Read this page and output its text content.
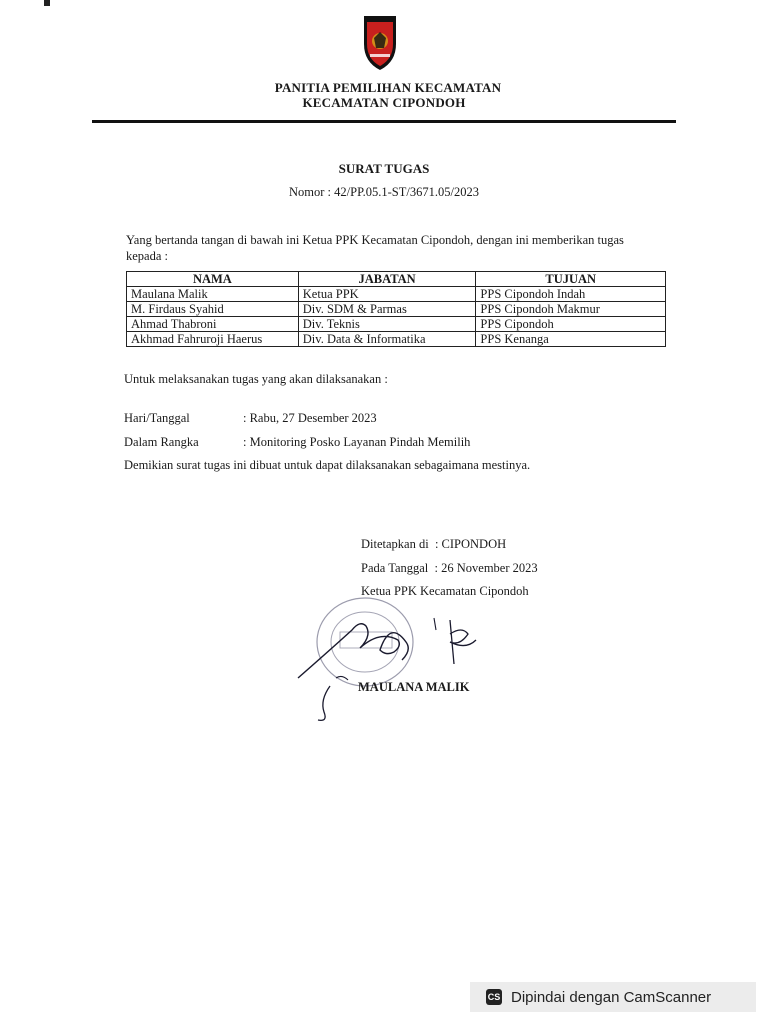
PANITIA PEMILIHAN KECAMATAN
KECAMATAN CIPONDOH
SURAT TUGAS
Nomor : 42/PP.05.1-ST/3671.05/2023
Yang bertanda tangan di bawah ini Ketua PPK Kecamatan Cipondoh, dengan ini memberikan tugas kepada :
NAMA	JABATAN	TUJUAN
Maulana Malik	Ketua PPK	PPS Cipondoh Indah
M. Firdaus Syahid	Div. SDM & Parmas	PPS Cipondoh Makmur
Ahmad Thabroni	Div. Teknis	PPS Cipondoh
Akhmad Fahruroji Haerus	Div. Data & Informatika	PPS Kenanga
Untuk melaksanakan tugas yang akan dilaksanakan :
Hari/Tanggal	: Rabu, 27 Desember 2023
Dalam Rangka	: Monitoring Posko Layanan Pindah Memilih
Demikian surat tugas ini dibuat untuk dapat dilaksanakan sebagaimana mestinya.
Ditetapkan di  : CIPONDOH
Pada Tanggal  : 26 November 2023
Ketua PPK Kecamatan Cipondoh
MAULANA MALIK
CS Dipindai dengan CamScanner
